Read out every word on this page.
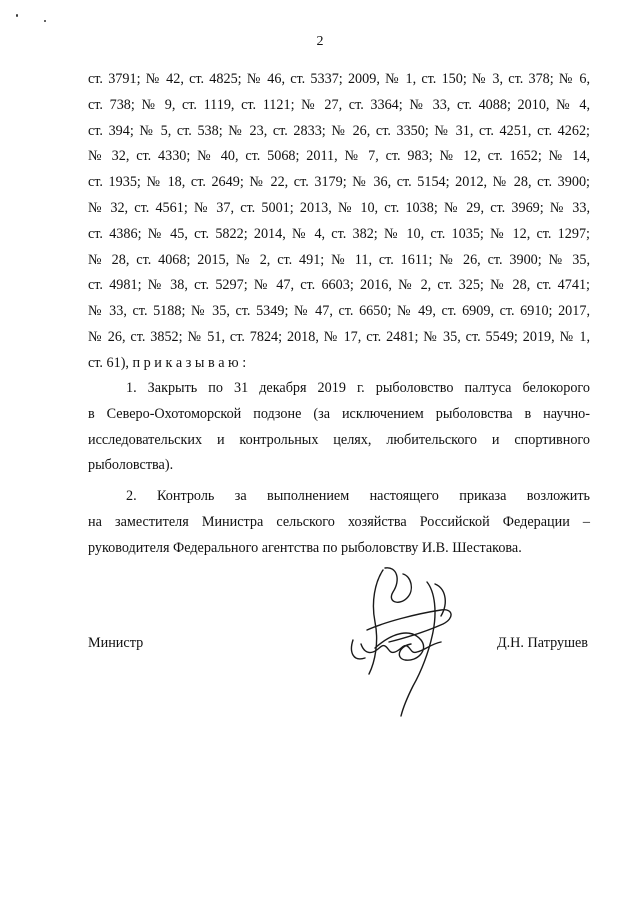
2
ст. 3791; № 42, ст. 4825; № 46, ст. 5337; 2009, № 1, ст. 150; № 3, ст. 378; № 6,
ст. 738; № 9, ст. 1119, ст. 1121; № 27, ст. 3364; № 33, ст. 4088; 2010, № 4,
ст. 394; № 5, ст. 538; № 23, ст. 2833; № 26, ст. 3350; № 31, ст. 4251, ст. 4262;
№ 32, ст. 4330; № 40, ст. 5068; 2011, № 7, ст. 983; № 12, ст. 1652; № 14,
ст. 1935; № 18, ст. 2649; № 22, ст. 3179; № 36, ст. 5154; 2012, № 28, ст. 3900;
№ 32, ст. 4561; № 37, ст. 5001; 2013, № 10, ст. 1038; № 29, ст. 3969; № 33,
ст. 4386; № 45, ст. 5822; 2014, № 4, ст. 382; № 10, ст. 1035; № 12, ст. 1297;
№ 28, ст. 4068; 2015, № 2, ст. 491; № 11, ст. 1611; № 26, ст. 3900; № 35,
ст. 4981; № 38, ст. 5297; № 47, ст. 6603; 2016, № 2, ст. 325; № 28, ст. 4741;
№ 33, ст. 5188; № 35, ст. 5349; № 47, ст. 6650; № 49, ст. 6909, ст. 6910; 2017,
№ 26, ст. 3852; № 51, ст. 7824; 2018, № 17, ст. 2481; № 35, ст. 5549; 2019, № 1,
ст. 61), п р и к а з ы в а ю :
1. Закрыть по 31 декабря 2019 г. рыболовство палтуса белокорого
в Северо-Охотоморской подзоне (за исключением рыболовства в научно-
исследовательских и контрольных целях, любительского и спортивного
рыболовства).
2. Контроль за выполнением настоящего приказа возложить
на заместителя Министра сельского хозяйства Российской Федерации –
руководителя Федерального агентства по рыболовству И.В. Шестакова.
Министр	Д.Н. Патрушев
